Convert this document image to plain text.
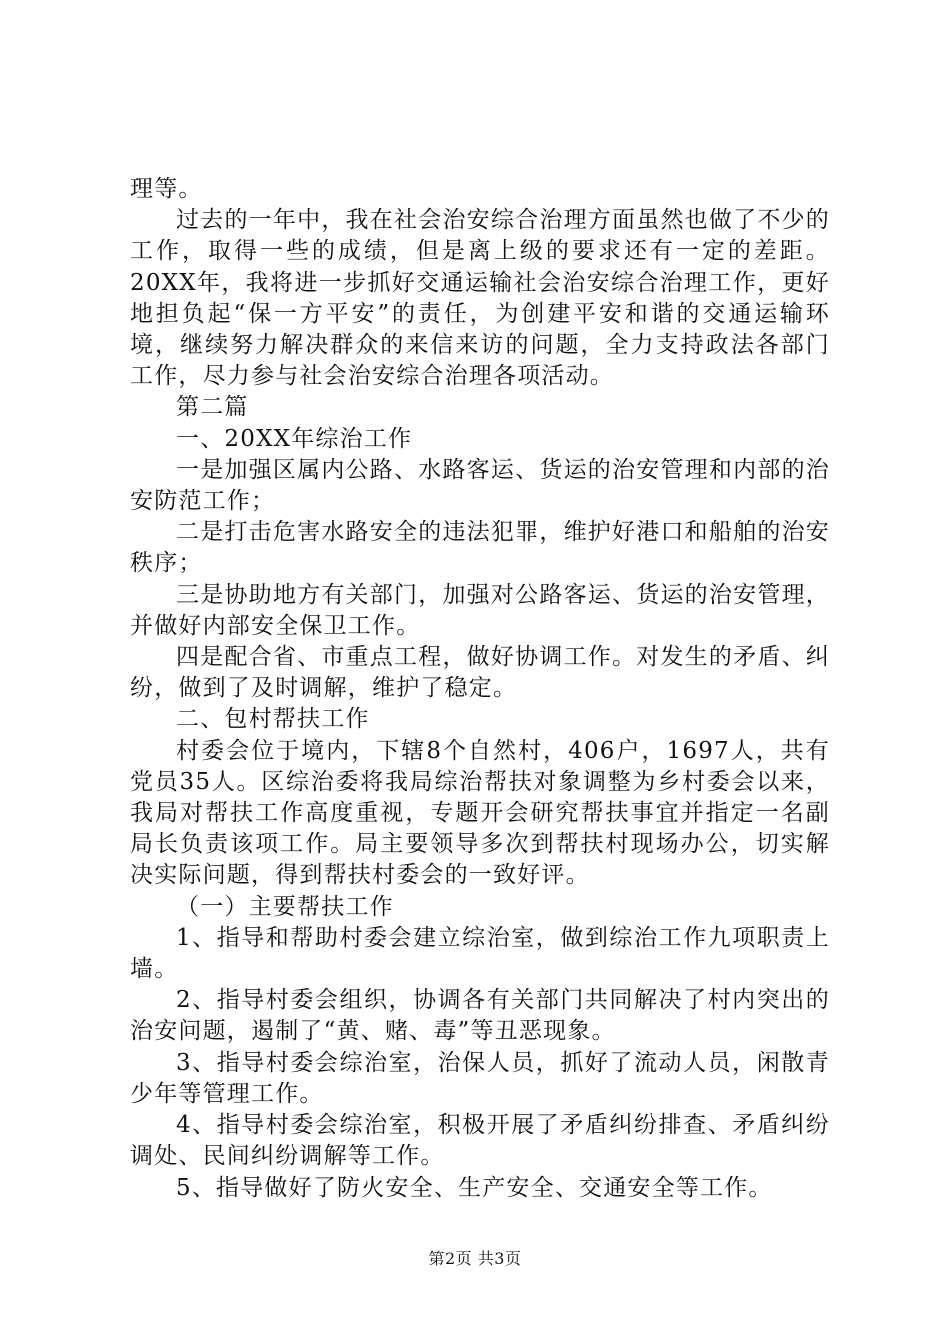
理等。

过去的一年中，我在社会治安综合治理方面虽然也做了不少的工作，取得一些的成绩，但是离上级的要求还有一定的差距。20XX年，我将进一步抓好交通运输社会治安综合治理工作，更好地担负起“保一方平安”的责任，为创建平安和谐的交通运输环境，继续努力解决群众的来信来访的问题，全力支持政法各部门工作，尽力参与社会治安综合治理各项活动。

第二篇

一、20XX年综治工作

一是加强区属内公路、水路客运、货运的治安管理和内部的治安防范工作；

二是打击危害水路安全的违法犯罪，维护好港口和船舶的治安秩序；

三是协助地方有关部门，加强对公路客运、货运的治安管理，并做好内部安全保卫工作。

四是配合省、市重点工程，做好协调工作。对发生的矛盾、纠纷，做到了及时调解，维护了稳定。

二、包村帮扶工作

村委会位于境内，下辖8个自然村，406户，1697人，共有党员35人。区综治委将我局综治帮扶对象调整为乡村委会以来，我局对帮扶工作高度重视，专题开会研究帮扶事宜并指定一名副局长负责该项工作。局主要领导多次到帮扶村现场办公，切实解决实际问题，得到帮扶村委会的一致好评。

（一）主要帮扶工作

1、指导和帮助村委会建立综治室，做到综治工作九项职责上墙。

2、指导村委会组织，协调各有关部门共同解决了村内突出的治安问题，遏制了“黄、赌、毒”等丑恶现象。

3、指导村委会综治室，治保人员，抓好了流动人员，闲散青少年等管理工作。

4、指导村委会综治室，积极开展了矛盾纠纷排查、矛盾纠纷调处、民间纠纷调解等工作。

5、指导做好了防火安全、生产安全、交通安全等工作。

第2页 共3页
